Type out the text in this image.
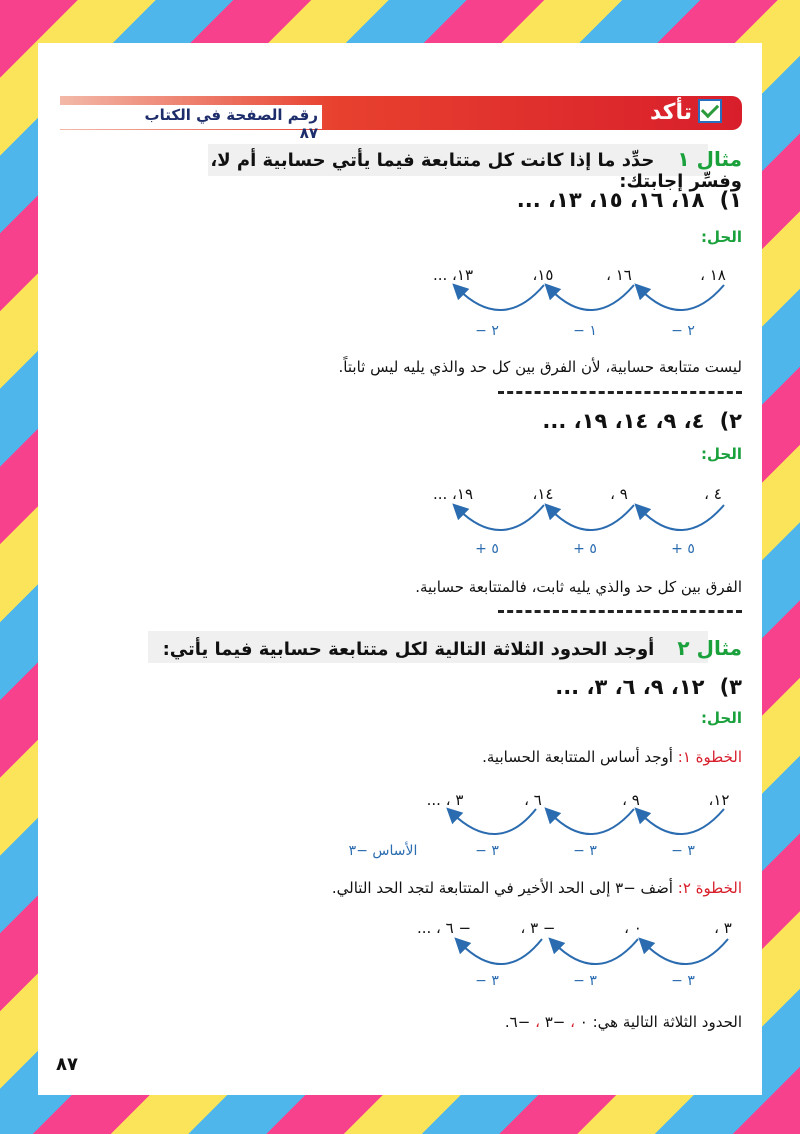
رقم الصفحة في الكتاب ٨٧
تأكد
مثال ١ حدِّد ما إذا كانت كل متتابعة فيما يأتي حسابية أم لا، وفسِّر إجابتك:
١) ١٨، ١٦، ١٥، ١٣، ...
الحل:
١٨ ،
١٦ ،
١٥،
١٣، ...
٢ −
١ −
٢ −
ليست متتابعة حسابية، لأن الفرق بين كل حد والذي يليه ليس ثابتاً.
٢) ٤، ٩، ١٤، ١٩، ...
الحل:
٤ ،
٩ ،
١٤،
١٩، ...
٥ +
٥ +
٥ +
الفرق بين كل حد والذي يليه ثابت، فالمتتابعة حسابية.
مثال ٢ أوجد الحدود الثلاثة التالية لكل متتابعة حسابية فيما يأتي:
٣) ١٢، ٩، ٦، ٣، ...
الحل:
الخطوة ١: أوجد أساس المتتابعة الحسابية.
١٢،
٩ ،
٦ ،
٣ ، ...
٣ −
٣ −
٣ −
الأساس −٣
الخطوة ٢: أضف −٣ إلى الحد الأخير في المتتابعة لتجد الحد التالي.
٣ ،
٠ ،
− ٣ ،
− ٦ ، ...
٣ −
٣ −
٣ −
الحدود الثلاثة التالية هي: ٠ ، −٣ ، −٦.
٨٧
